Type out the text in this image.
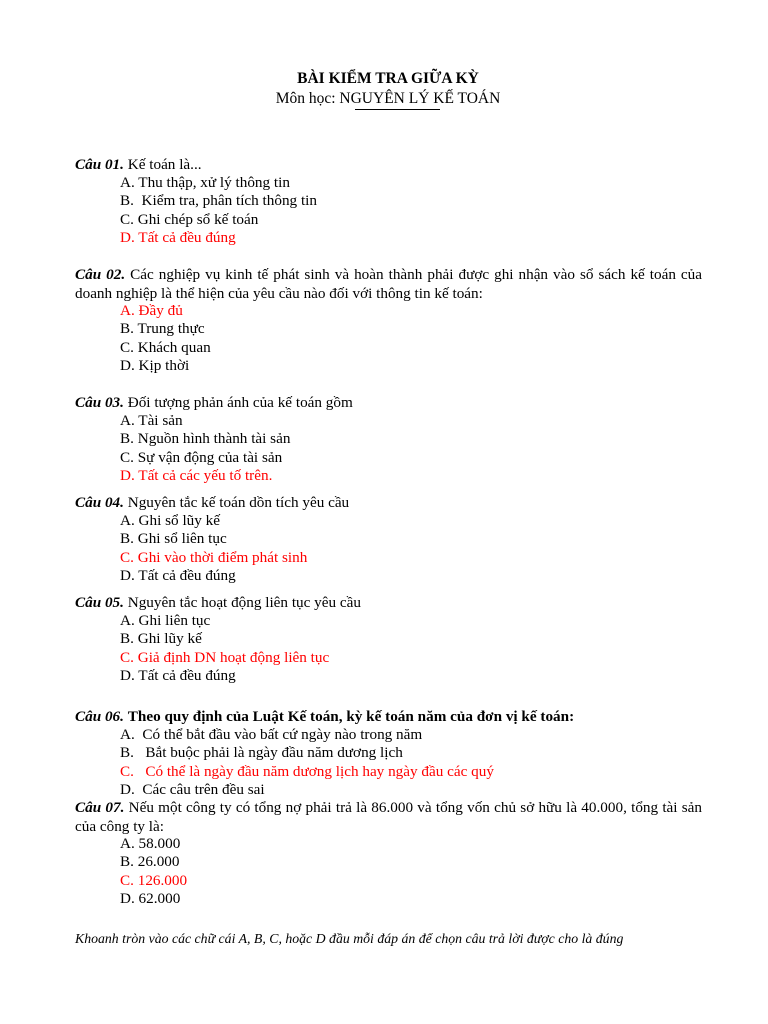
BÀI KIỂM TRA GIỮA KỲ
Môn học: NGUYÊN LÝ KẾ TOÁN
Câu 01. Kế toán là...
A. Thu thập, xử lý thông tin
B.  Kiểm tra, phân tích thông tin
C. Ghi chép sổ kế toán
D. Tất cả đều đúng
Câu 02. Các nghiệp vụ kinh tế phát sinh và hoàn thành phải được ghi nhận vào sổ sách kế toán của doanh nghiệp là thể hiện của yêu cầu nào đối với thông tin kế toán:
A. Đầy đủ
B. Trung thực
C. Khách quan
D. Kịp thời
Câu 03. Đối tượng phản ánh của kế toán gồm
A. Tài sản
B. Nguồn hình thành tài sản
C. Sự vận động của tài sản
D. Tất cả các yếu tố trên.
Câu 04. Nguyên tắc kế toán dồn tích yêu cầu
A. Ghi sổ lũy kế
B. Ghi sổ liên tục
C. Ghi vào thời điểm phát sinh
D. Tất cả đều đúng
Câu 05. Nguyên tắc hoạt động liên tục yêu cầu
A. Ghi liên tục
B. Ghi lũy kế
C. Giả định DN hoạt động liên tục
D. Tất cả đều đúng
Câu 06. Theo quy định của Luật Kế toán, kỳ kế toán năm của đơn vị kế toán:
A.  Có thể bắt đầu vào bất cứ ngày nào trong năm
B.   Bắt buộc phải là ngày đầu năm dương lịch
C.   Có thể là ngày đầu năm dương lịch hay ngày đầu các quý
D.  Các câu trên đều sai
Câu 07. Nếu một công ty có tổng nợ phải trả là 86.000 và tổng vốn chủ sở hữu là 40.000, tổng tài sản của công ty là:
A. 58.000
B. 26.000
C. 126.000
D. 62.000
Khoanh tròn vào các chữ cái A, B, C, hoặc D đầu mỗi đáp án để chọn câu trả lời được cho là đúng
